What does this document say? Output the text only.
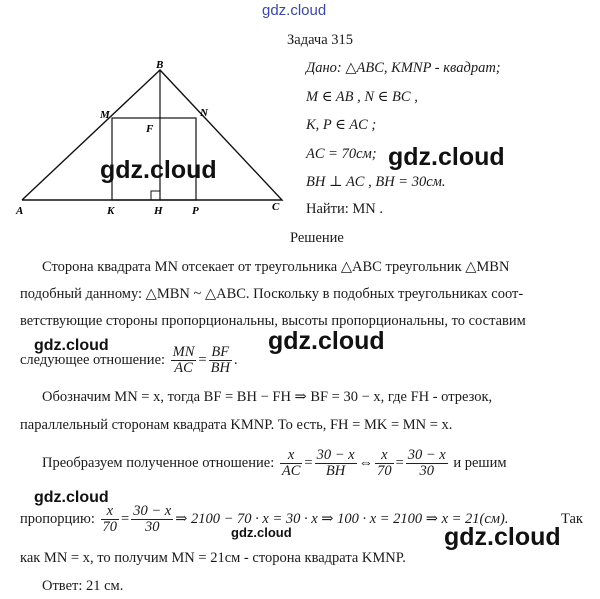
gdz.cloud
Задача 315
B
M	N
F
A	K	H	P	C
Дано: △ABC, KMNP - квадрат;
M ∈ AB , N ∈ BC ,
K, P ∈ AC ;
AC = 70см;
BH ⊥ AC , BH = 30см.
Найти: MN .
Решение
Сторона квадрата MN отсекает от треугольника △ABC треугольник △MBN
подобный данному: △MBN ~ △ABC. Поскольку в подобных треугольниках соот-
ветствующие стороны пропорциональны, высоты пропорциональны, то составим
следующее отношение: $\frac{MN}{AC} = \frac{BF}{BH}$ .
Обозначим MN = x, тогда BF = BH − FH ⇒ BF = 30 − x, где FH - отрезок,
параллельный сторонам квадрата KMNP. То есть, FH = MK = MN = x.
Преобразуем полученное отношение: $\frac{x}{AC} = \frac{30 - x}{BH}$ ⇔ $\frac{x}{70} = \frac{30 - x}{30}$ и решим
пропорцию: $\frac{x}{70} = \frac{30 - x}{30}$ ⇒ 2100 − 70 · x = 30 · x ⇒ 100 · x = 2100 ⇒ x = 21(см).	Так
как MN = x, то получим MN = 21см - сторона квадрата KMNP.
Ответ: 21 см.
gdz.cloud	gdz.cloud
gdz.cloud	gdz.cloud
gdz.cloud
gdz.cloud	gdz.cloud
